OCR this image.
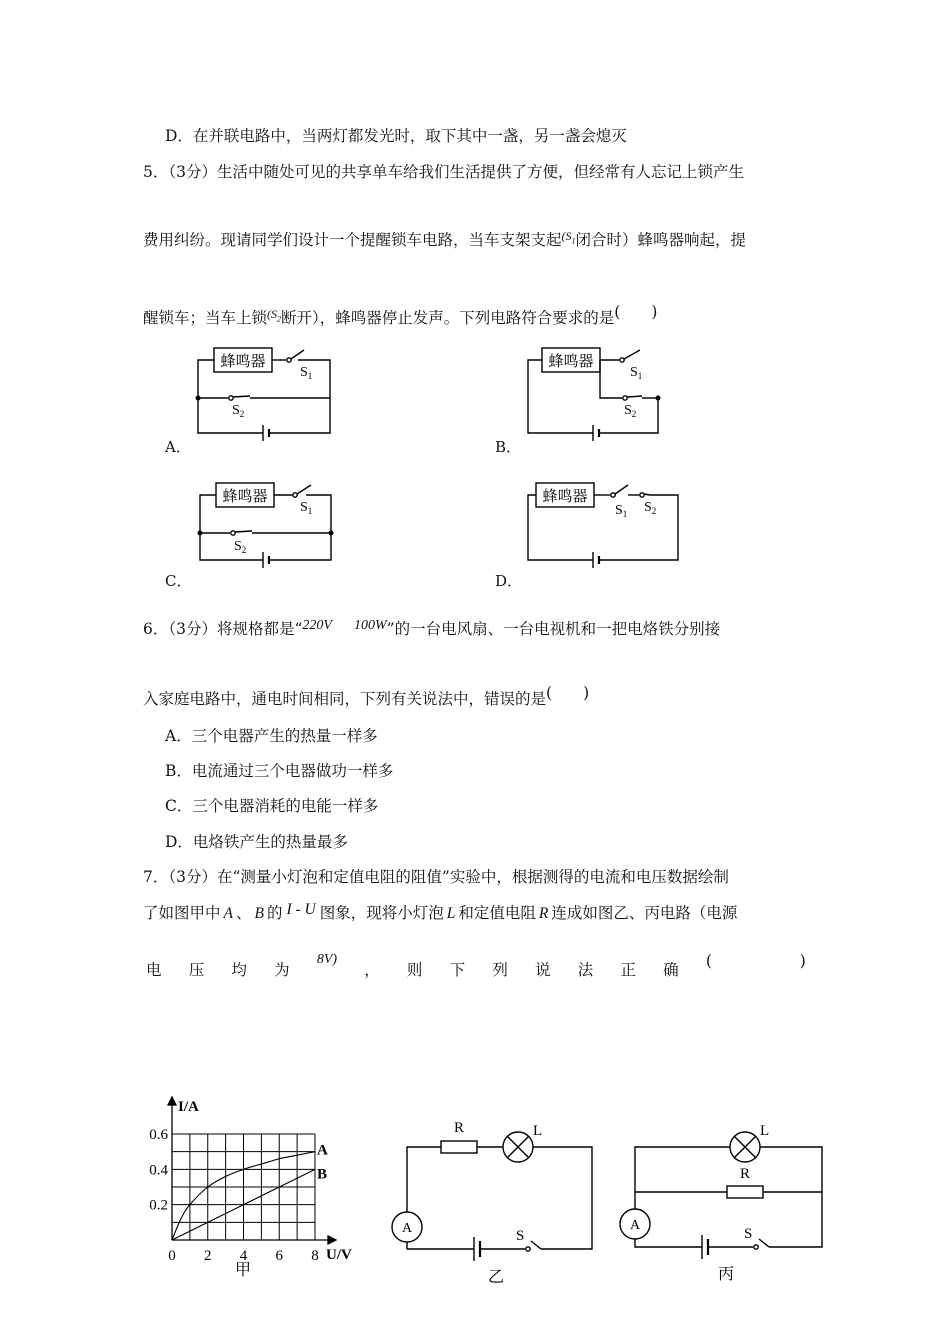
D．在并联电路中，当两灯都发光时，取下其中一盏，另一盏会熄灭
5．（3分）生活中随处可见的共享单车给我们生活提供了方便，但经常有人忘记上锁产生
费用纠纷。现请同学们设计一个提醒锁车电路，当车支架支起$^{(S_1}$闭合时）蜂鸣器响起，提
醒锁车；当车上锁$^{(S_2}$断开），蜂鸣器停止发声。下列电路符合要求的是(　　)
蜂鸣器
$S_1$
$S_2$
A．
蜂鸣器
$S_1$
$S_2$
B．
蜂鸣器
$S_1$
$S_2$
C．
蜂鸣器
$S_1$ $S_2$
D．
6．（3分）将规格都是“220V 100W”的一台电风扇、一台电视机和一把电烙铁分别接
入家庭电路中，通电时间相同，下列有关说法中，错误的是(　　)
A．三个电器产生的热量一样多
B．电流通过三个电器做功一样多
C．三个电器消耗的电能一样多
D．电烙铁产生的热量最多
7．（3分）在“测量小灯泡和定值电阻的阻值”实验中，根据测得的电流和电压数据绘制
了如图甲中 A 、 B 的 I - U 图象，现将小灯泡 L 和定值电阻 R 连成如图乙、丙电路（电源
电 压 均 为
8V)
， 则 下 列 说 法 正 确 (	)
I/A
U/V
甲
0.6
0.4
0.2
0 2 4 6 8
A
B
A
R	L
S
乙
A
R
L
S
丙
